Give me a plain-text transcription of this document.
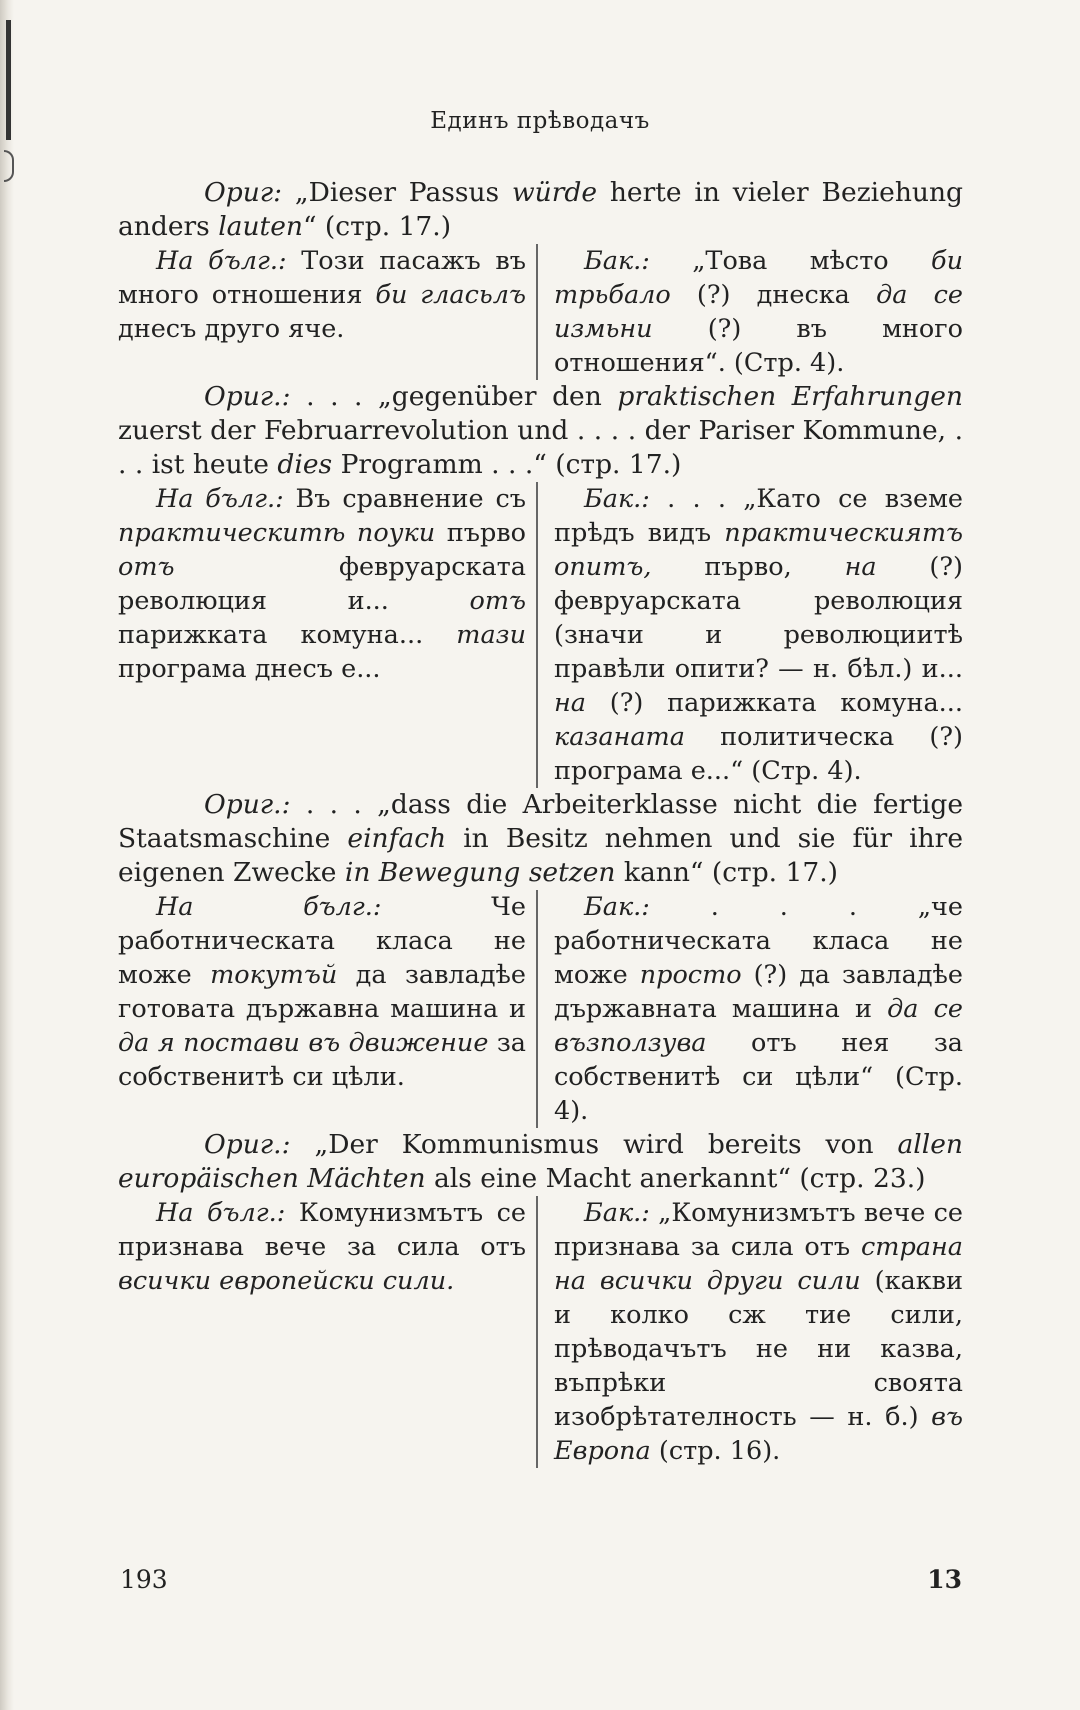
Единъ прѣводачъ

Ориг: „Dieser Passus würde herte in vieler Beziehung anders lauten“ (стр. 17.)

На бълг.: Този пасажъ въ много отношения би гласьлъ днесъ друго яче.
Бак.: „Това мѣсто би трьбало (?) днеска да се измьни (?) въ много отношения“. (Стр. 4).

Ориг.: . . . „gegenüber den praktischen Erfahrungen zuerst der Februarrevolution und . . . . der Pariser Kommune, . . . ist heute dies Programm . . .“ (стр. 17.)

На бълг.: Въ сравнение съ практическитѣ поуки първо отъ февруарската революция и... отъ парижката комуна... тази програма днесъ е...
Бак.: . . . „Като се вземе прѣдъ видъ практическиятъ опитъ, първо, на (?) февруарската революция (значи и революциитѣ правѣли опити? — н. бѣл.) и... на (?) парижката комуна... казаната политическа (?) програма е...“ (Стр. 4).

Ориг.: . . . „dass die Arbeiterklasse nicht die fertige Staatsmaschine einfach in Besitz nehmen und sie für ihre eigenen Zwecke in Bewegung setzen kann“ (стр. 17.)

На бълг.: Че работническата класа не може токутъй да завладѣе готовата държавна машина и да я постави въ движение за собственитѣ си цѣли.
Бак.: . . . „че работническата класа не може просто (?) да завладѣе държавната машина и да се възползува отъ нея за собственитѣ си цѣли“ (Стр. 4).

Ориг.: „Der Kommunismus wird bereits von allen europäischen Mächten als eine Macht anerkannt“ (стр. 23.)

На бълг.: Комунизмътъ се признава вече за сила отъ всички европейски сили.
Бак.: „Комунизмътъ вече се признава за сила отъ страна на всички други сили (какви и колко сж тие сили, прѣводачътъ не ни казва, въпрѣки своята изобрѣтателность — н. б.) въ Европа (стр. 16).
193	13
